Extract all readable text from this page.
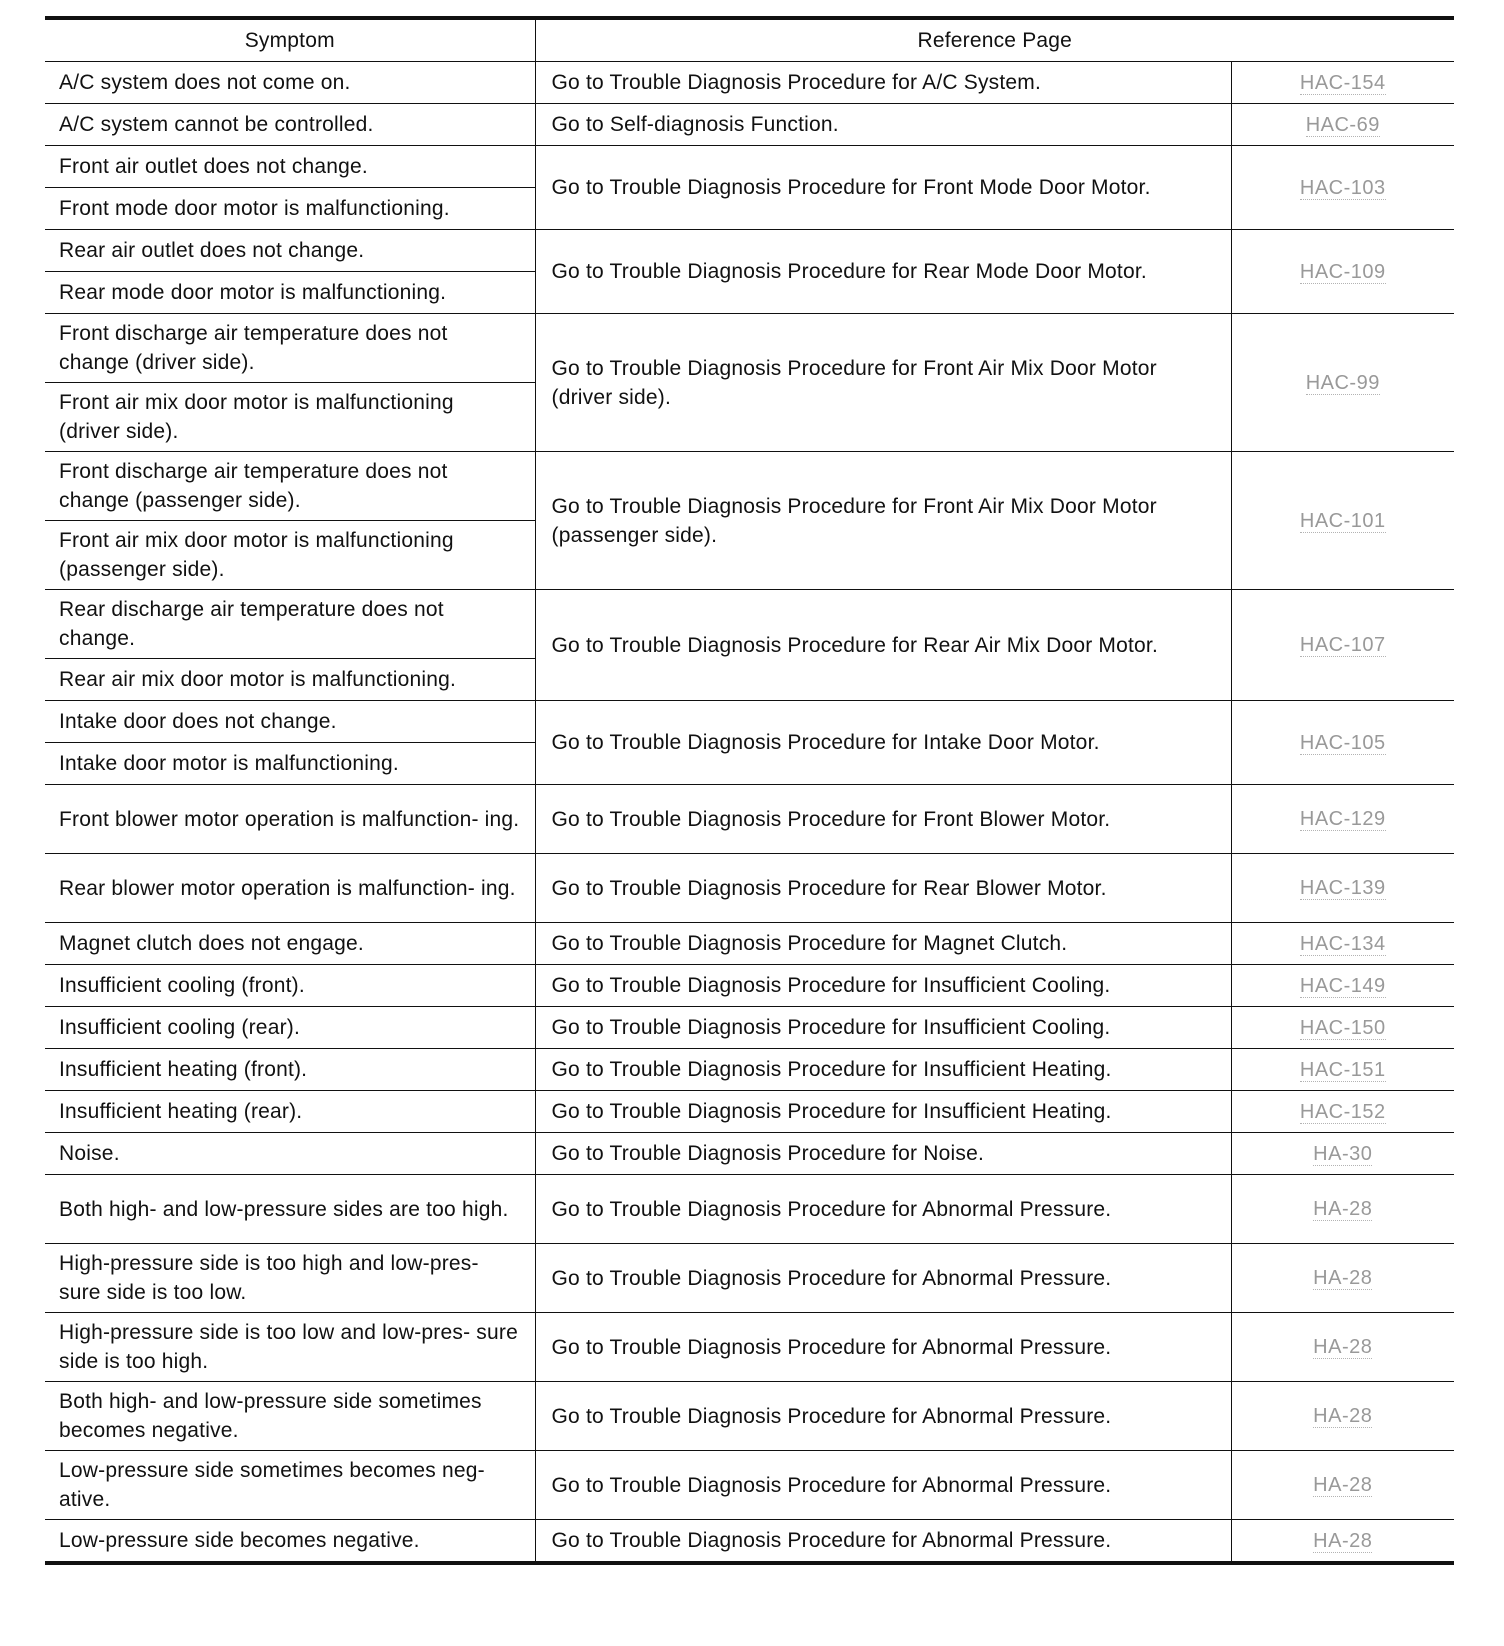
Symptom	Reference Page	
A/C system does not come on.	Go to Trouble Diagnosis Procedure for A/C System.	HAC-154
A/C system cannot be controlled.	Go to Self-diagnosis Function.	HAC-69
Front air outlet does not change.	Go to Trouble Diagnosis Procedure for Front Mode Door Motor.	HAC-103
Front mode door motor is malfunctioning.		
Rear air outlet does not change.	Go to Trouble Diagnosis Procedure for Rear Mode Door Motor.	HAC-109
Rear mode door motor is malfunctioning.		
Front discharge air temperature does not change (driver side).	Go to Trouble Diagnosis Procedure for Front Air Mix Door Motor (driver side).	HAC-99
Front air mix door motor is malfunctioning (driver side).		
Front discharge air temperature does not change (passenger side).	Go to Trouble Diagnosis Procedure for Front Air Mix Door Motor (passenger side).	HAC-101
Front air mix door motor is malfunctioning (passenger side).		
Rear discharge air temperature does not change.	Go to Trouble Diagnosis Procedure for Rear Air Mix Door Motor.	HAC-107
Rear air mix door motor is malfunctioning.		
Intake door does not change.	Go to Trouble Diagnosis Procedure for Intake Door Motor.	HAC-105
Intake door motor is malfunctioning.		
Front blower motor operation is malfunction- ing.	Go to Trouble Diagnosis Procedure for Front Blower Motor.	HAC-129
Rear blower motor operation is malfunction- ing.	Go to Trouble Diagnosis Procedure for Rear Blower Motor.	HAC-139
Magnet clutch does not engage.	Go to Trouble Diagnosis Procedure for Magnet Clutch.	HAC-134
Insufficient cooling (front).	Go to Trouble Diagnosis Procedure for Insufficient Cooling.	HAC-149
Insufficient cooling (rear).	Go to Trouble Diagnosis Procedure for Insufficient Cooling.	HAC-150
Insufficient heating (front).	Go to Trouble Diagnosis Procedure for Insufficient Heating.	HAC-151
Insufficient heating (rear).	Go to Trouble Diagnosis Procedure for Insufficient Heating.	HAC-152
Noise.	Go to Trouble Diagnosis Procedure for Noise.	HA-30
Both high- and low-pressure sides are too high.	Go to Trouble Diagnosis Procedure for Abnormal Pressure.	HA-28
High-pressure side is too high and low-pres- sure side is too low.	Go to Trouble Diagnosis Procedure for Abnormal Pressure.	HA-28
High-pressure side is too low and low-pres- sure side is too high.	Go to Trouble Diagnosis Procedure for Abnormal Pressure.	HA-28
Both high- and low-pressure side sometimes becomes negative.	Go to Trouble Diagnosis Procedure for Abnormal Pressure.	HA-28
Low-pressure side sometimes becomes neg- ative.	Go to Trouble Diagnosis Procedure for Abnormal Pressure.	HA-28
Low-pressure side becomes negative.	Go to Trouble Diagnosis Procedure for Abnormal Pressure.	HA-28
